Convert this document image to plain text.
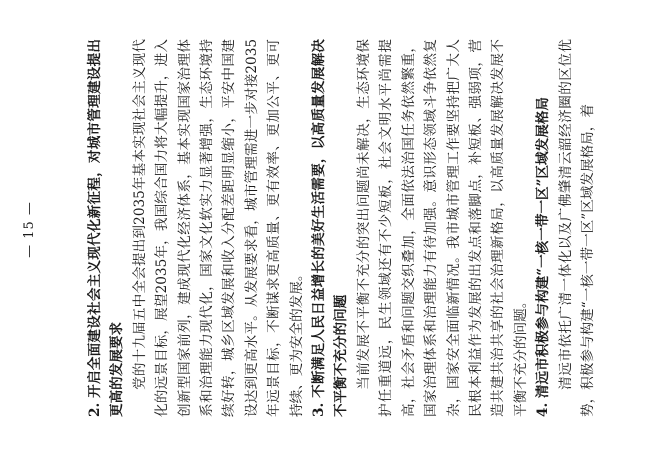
— 15 —	2. 开启全面建设社会主义现代化新征程，对城市管理建设提出更高的发展要求 党的十九届五中全会提出到2035年基本实现社会主义现代化的远景目标，展望2035年，我国综合国力将大幅提升，进入创新型国家前列，建成现代化经济体系，基本实现国家治理体系和治理能力现代化，国家文化软实力显著增强，生态环境持续好转，城乡区域发展和收入分配差距明显缩小，平安中国建设达到更高水平。从发展要求看，城市管理需进一步对接2035年远景目标，不断谋求更高质量、更有效率、更加公平、更可持续、更为安全的发展。 3. 不断满足人民日益增长的美好生活需要，以高质量发展解决不平衡不充分的问题 当前发展不平衡不充分的突出问题尚未解决，生态环境保护任重道远，民生领域还有不少短板，社会文明水平尚需提高，社会矛盾和问题交织叠加，全面依法治国任务依然繁重，国家治理体系和治理能力有待加强。意识形态领域斗争依然复杂，国家安全面临新情况。我市城市管理工作要坚持把广大人民根本利益作为发展的出发点和落脚点，补短板、强弱项，营造共建共治共享的社会治理新格局，以高质量发展解决发展不平衡不充分的问题。 4. 清远市积极参与构建“一核一带一区”区域发展格局 清远市依托广清一体化以及广佛肇清云韶经济圈的区位优势，积极参与构建“一核一带一区”区域发展格局，着
